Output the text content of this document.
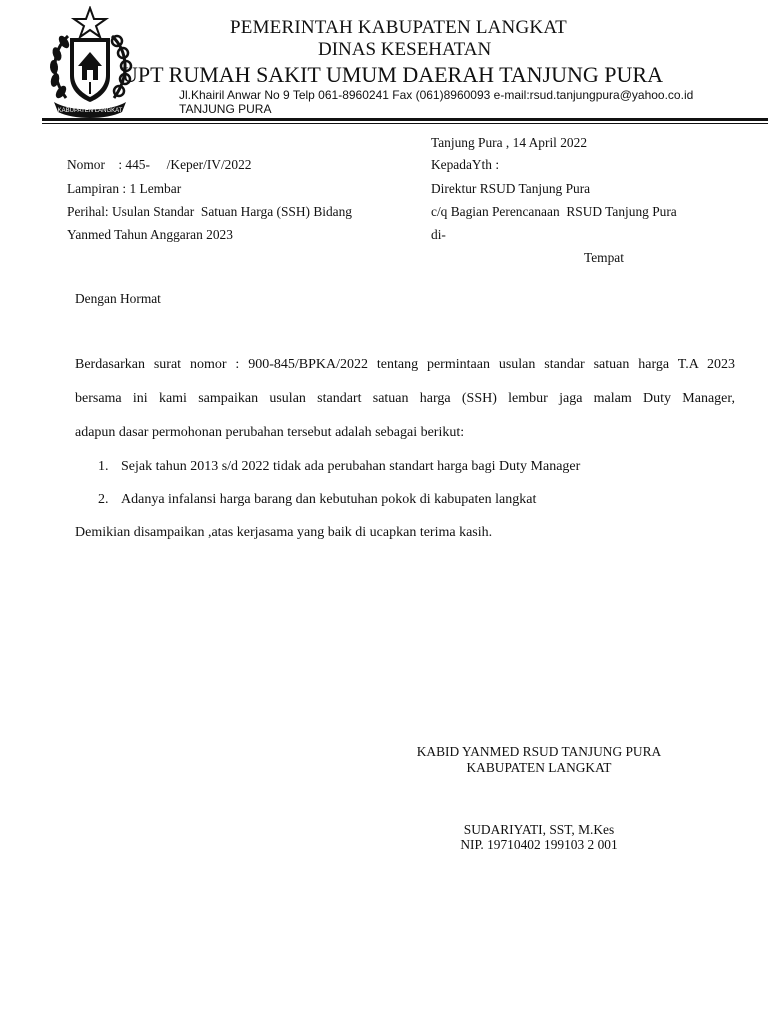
KABUPATEN LANGKAT
PEMERINTAH KABUPATEN LANGKAT
DINAS KESEHATAN
UPT RUMAH SAKIT UMUM DAERAH TANJUNG PURA
Jl.Khairil Anwar No 9 Telp 061-8960241 Fax (061)8960093 e-mail:rsud.tanjungpura@yahoo.co.id
TANJUNG PURA
Tanjung Pura , 14 April 2022
Nomor    : 445-     /Keper/IV/2022
Lampiran : 1 Lembar
Perihal: Usulan Standar  Satuan Harga (SSH) Bidang
Yanmed Tahun Anggaran 2023
KepadaYth :
Direktur RSUD Tanjung Pura
c/q Bagian Perencanaan  RSUD Tanjung Pura
di-
Tempat
Dengan Hormat
Berdasarkan surat nomor : 900-845/BPKA/2022 tentang permintaan usulan standar satuan harga T.A 2023
bersama ini kami sampaikan usulan standart satuan harga (SSH) lembur jaga malam Duty Manager,
adapun dasar permohonan perubahan tersebut adalah sebagai berikut:
1. Sejak tahun 2013 s/d 2022 tidak ada perubahan standart harga bagi Duty Manager
2. Adanya infalansi harga barang dan kebutuhan pokok di kabupaten langkat
Demikian disampaikan ,atas kerjasama yang baik di ucapkan terima kasih.
KABID YANMED RSUD TANJUNG PURA
KABUPATEN LANGKAT
SUDARIYATI, SST, M.Kes
NIP. 19710402 199103 2 001
